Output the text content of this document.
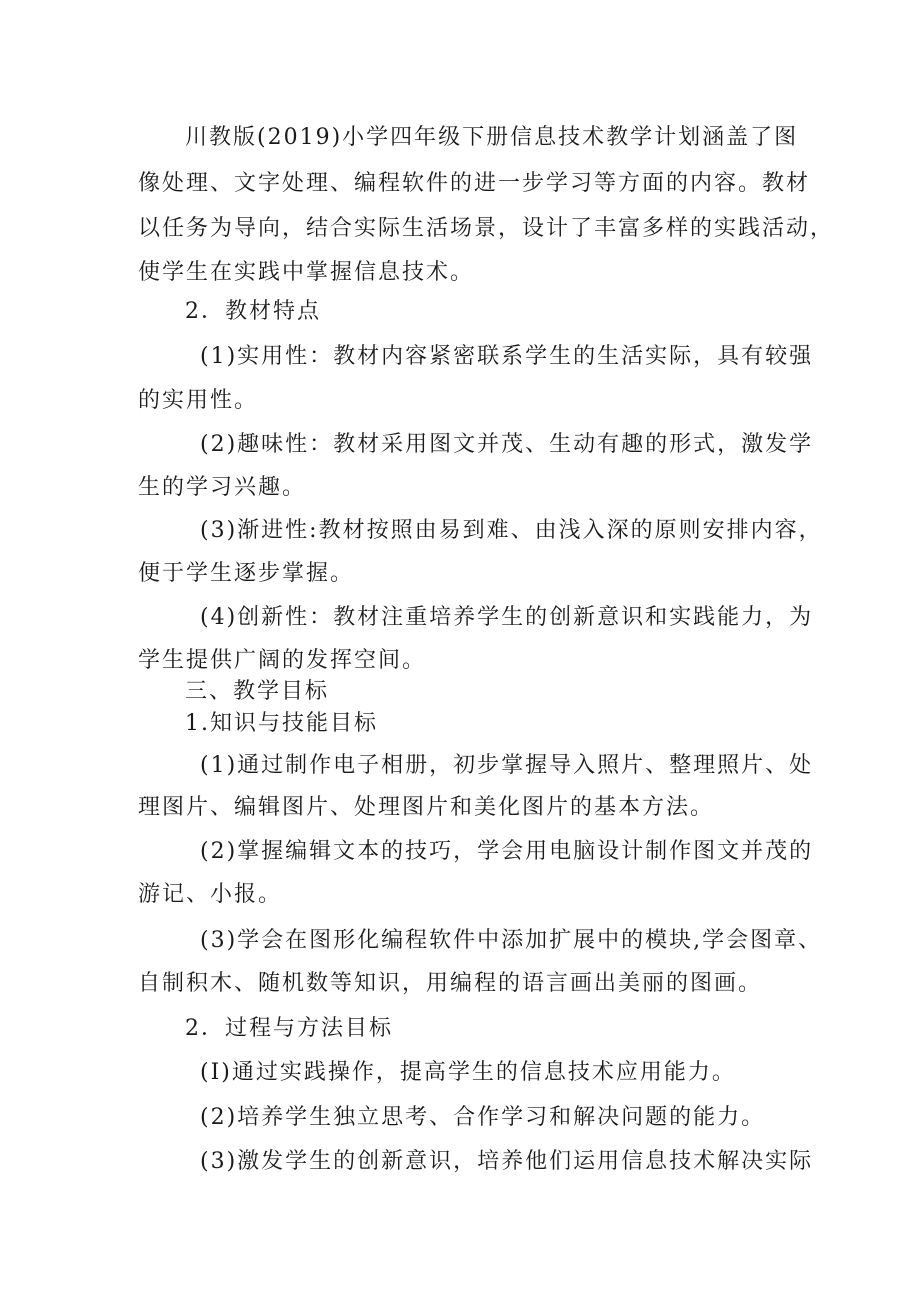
川教版(2019)小学四年级下册信息技术教学计划涵盖了图
像处理、文字处理、编程软件的进一步学习等方面的内容。教材
以任务为导向，结合实际生活场景，设计了丰富多样的实践活动，
使学生在实践中掌握信息技术。
2．教材特点
(1)实用性：教材内容紧密联系学生的生活实际，具有较强
的实用性。
(2)趣味性：教材采用图文并茂、生动有趣的形式，激发学
生的学习兴趣。
(3)渐进性:教材按照由易到难、由浅入深的原则安排内容，
便于学生逐步掌握。
(4)创新性：教材注重培养学生的创新意识和实践能力，为
学生提供广阔的发挥空间。
三、教学目标
1.知识与技能目标
(1)通过制作电子相册，初步掌握导入照片、整理照片、处
理图片、编辑图片、处理图片和美化图片的基本方法。
(2)掌握编辑文本的技巧，学会用电脑设计制作图文并茂的
游记、小报。
(3)学会在图形化编程软件中添加扩展中的模块,学会图章、
自制积木、随机数等知识，用编程的语言画出美丽的图画。
2．过程与方法目标
(I)通过实践操作，提高学生的信息技术应用能力。
(2)培养学生独立思考、合作学习和解决问题的能力。
(3)激发学生的创新意识，培养他们运用信息技术解决实际
